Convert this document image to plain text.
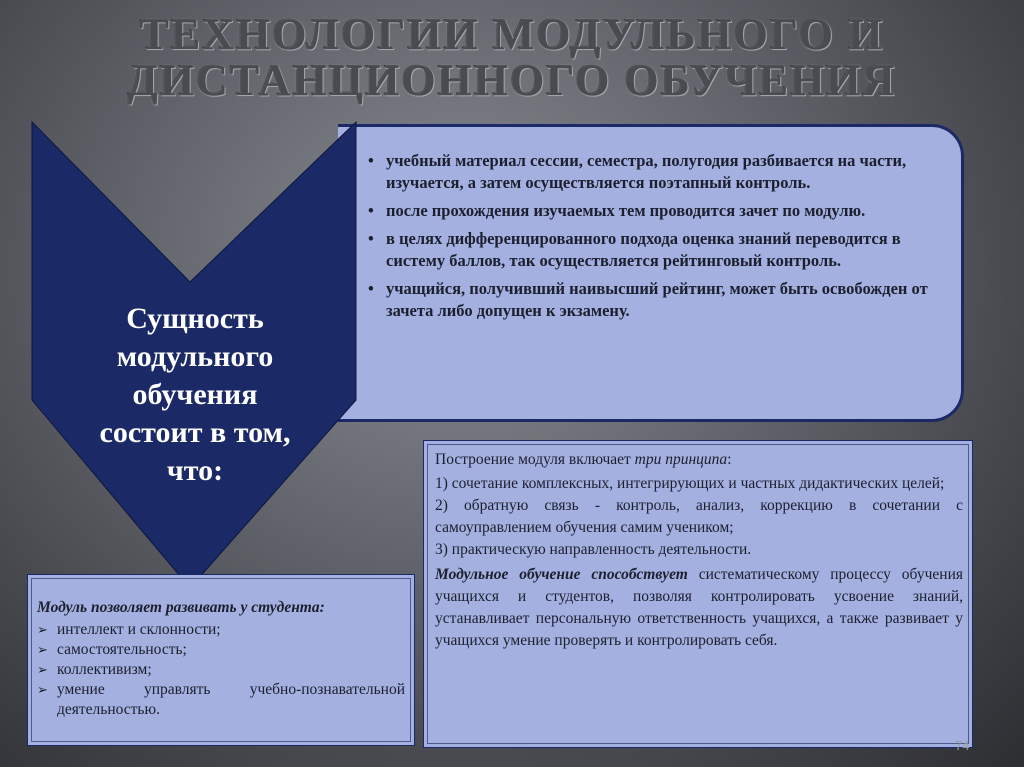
ТЕХНОЛОГИИ МОДУЛЬНОГО И
ДИСТАНЦИОННОГО ОБУЧЕНИЯ
Сущность
модульного
обучения
состоит в том,
что:
• учебный материал сессии, семестра, полугодия разбивается на части, изучается, а затем осуществляется поэтапный контроль.
• после прохождения изучаемых тем проводится зачет по модулю.
• в целях дифференцированного подхода оценка знаний переводится в систему баллов, так осуществляется рейтинговый контроль.
• учащийся, получивший наивысший рейтинг, может быть освобожден от зачета либо допущен к экзамену.

Построение модуля включает три принципа:

1) сочетание комплексных, интегрирующих и частных дидактических целей;

2) обратную связь - контроль, анализ, коррекцию в сочетании с самоуправлением обучения самим учеником;

3) практическую направленность деятельности.

Модульное обучение способствует систематическому процессу обучения учащихся и студентов, позволяя контролировать усвоение знаний, устанавливает персональную ответственность учащихся, а также развивает у учащихся умение проверять и контролировать себя.

Модуль позволяет развивать у студента:
➢ интеллект и склонности;
➢ самостоятельность;
➢ коллективизм;
➢ умение управлять учебно-познавательной деятельностью.
74
